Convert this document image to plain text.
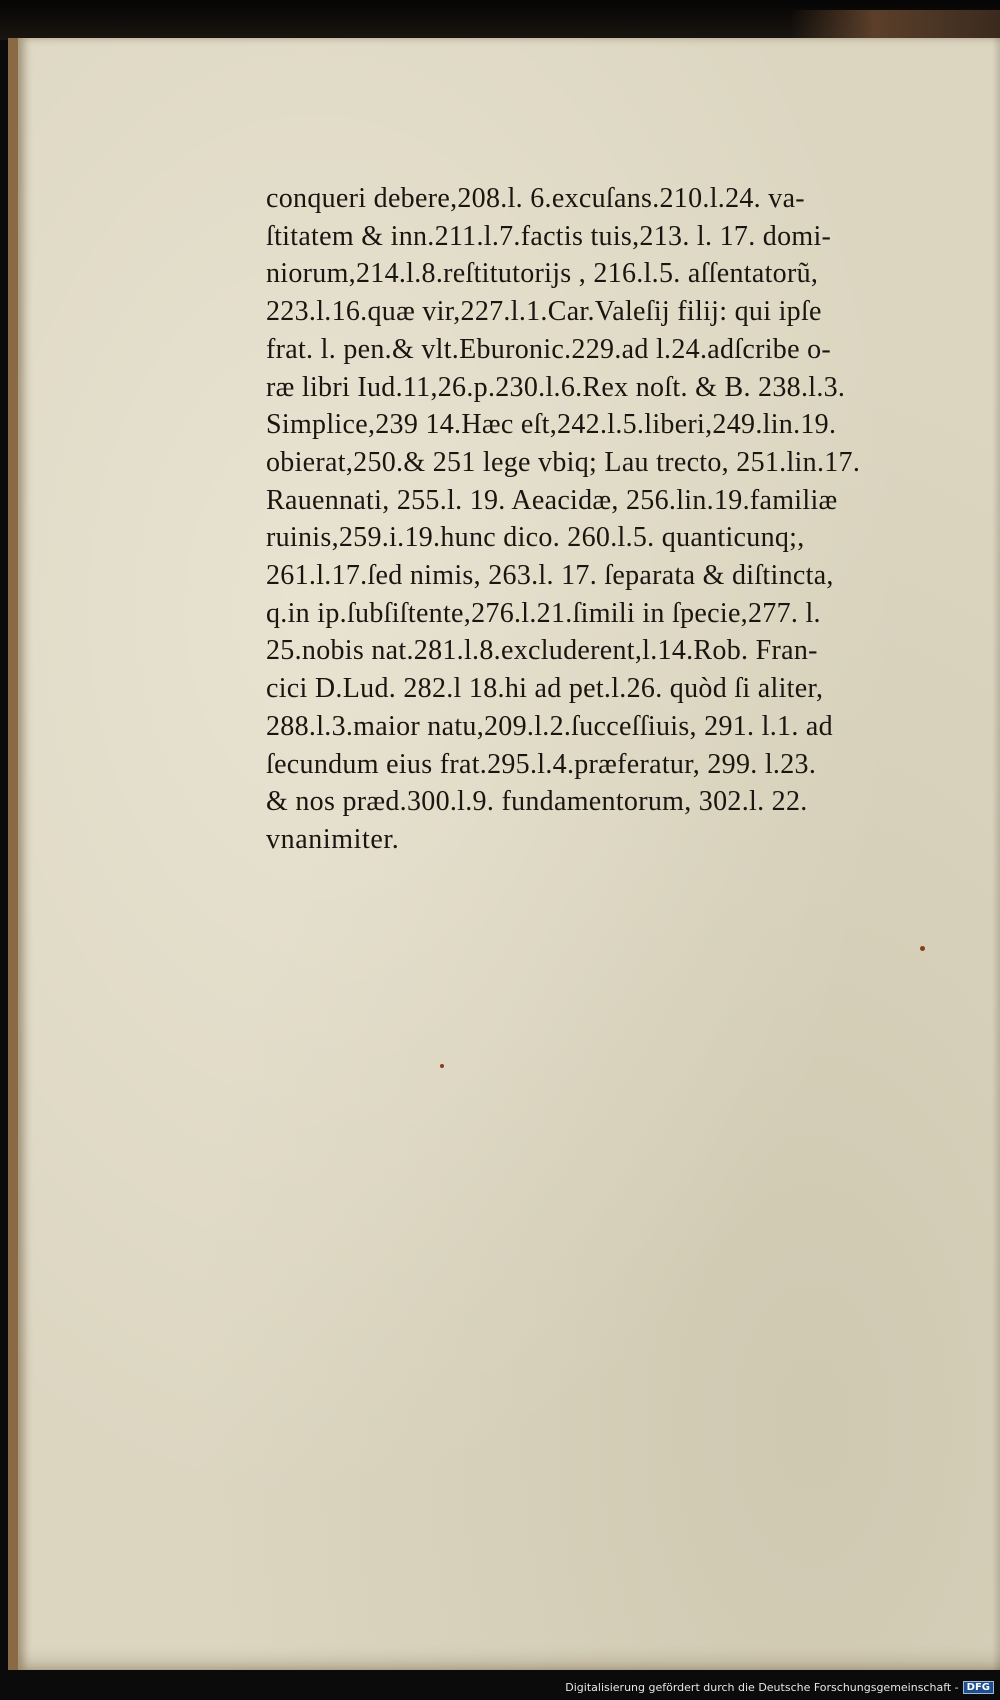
conqueri debere,208.l. 6.excuſans.210.l.24. va-
ſtitatem & inn.211.l.7.factis tuis,213. l. 17. domi-
niorum,214.l.8.reſtitutorijs , 216.l.5. aſſentatorũ,
223.l.16.quæ vir,227.l.1.Car.Valeſij filij: qui ipſe
frat. l. pen.& vlt.Eburonic.229.ad l.24.adſcribe o-
ræ libri Iud.11,26.p.230.l.6.Rex noſt. & B. 238.l.3.
Simplice,239 14.Hæc eſt,242.l.5.liberi,249.lin.19.
obierat,250.& 251 lege vbiq; Lau trecto, 251.lin.17.
Rauennati, 255.l. 19. Aeacidæ, 256.lin.19.familiæ
ruinis,259.i.19.hunc dico. 260.l.5. quanticunq;,
261.l.17.ſed nimis, 263.l. 17. ſeparata & diſtincta,
q.in ip.ſubſiſtente,276.l.21.ſimili in ſpecie,277. l.
25.nobis nat.281.l.8.excluderent,l.14.Rob. Fran-
cici D.Lud. 282.l 18.hi ad pet.l.26. quòd ſi aliter,
288.l.3.maior natu,209.l.2.ſucceſſiuis, 291. l.1. ad
ſecundum eius frat.295.l.4.præferatur, 299. l.23.
& nos præd.300.l.9. fundamentorum, 302.l. 22.
vnanimiter.
Digitalisierung gefördert durch die Deutsche Forschungsgemeinschaft - DFG
